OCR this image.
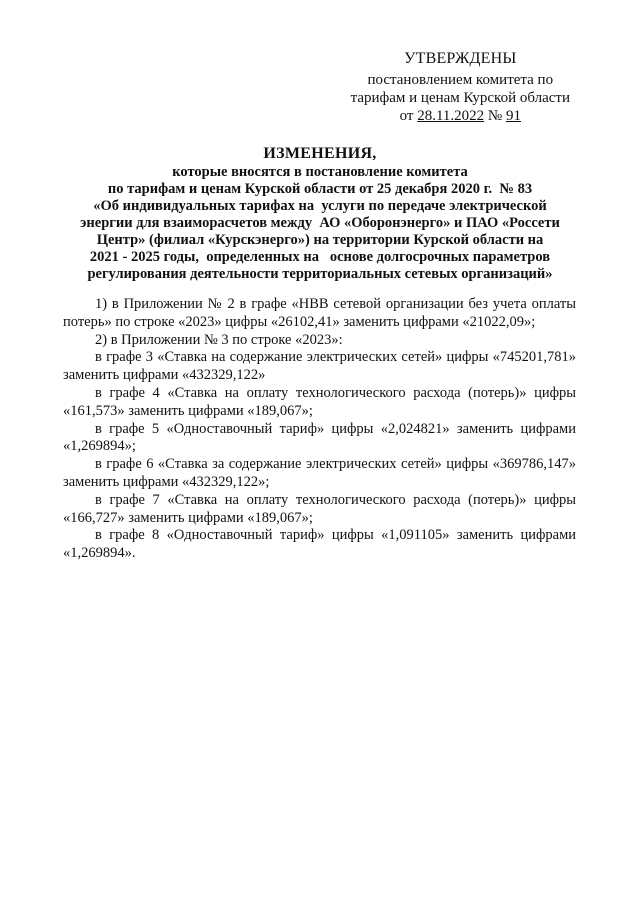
УТВЕРЖДЕНЫ
постановлением комитета по
тарифам и ценам Курской области
от 28.11.2022 № 91
ИЗМЕНЕНИЯ,
которые вносятся в постановление комитета
по тарифам и ценам Курской области от 25 декабря 2020 г.  № 83
«Об индивидуальных тарифах на  услуги по передаче электрической
энергии для взаиморасчетов между  АО «Оборонэнерго» и ПАО «Россети
Центр» (филиал «Курскэнерго») на территории Курской области на
2021 - 2025 годы,  определенных на   основе долгосрочных параметров
регулирования деятельности территориальных сетевых организаций»

1) в Приложении № 2 в графе «НВВ сетевой организации без учета оплаты потерь» по строке «2023» цифры «26102,41» заменить цифрами «21022,09»;

2) в Приложении № 3 по строке «2023»:

в графе 3 «Ставка на содержание электрических сетей» цифры «745201,781» заменить цифрами «432329,122»

в графе 4 «Ставка на оплату технологического расхода (потерь)» цифры «161,573» заменить цифрами «189,067»;

в графе 5 «Одноставочный тариф» цифры «2,024821» заменить цифрами «1,269894»;

в графе 6 «Ставка за содержание электрических сетей» цифры «369786,147» заменить цифрами «432329,122»;

в графе 7 «Ставка на оплату технологического расхода (потерь)» цифры «166,727» заменить цифрами «189,067»;

в графе 8 «Одноставочный тариф» цифры «1,091105» заменить цифрами «1,269894».
